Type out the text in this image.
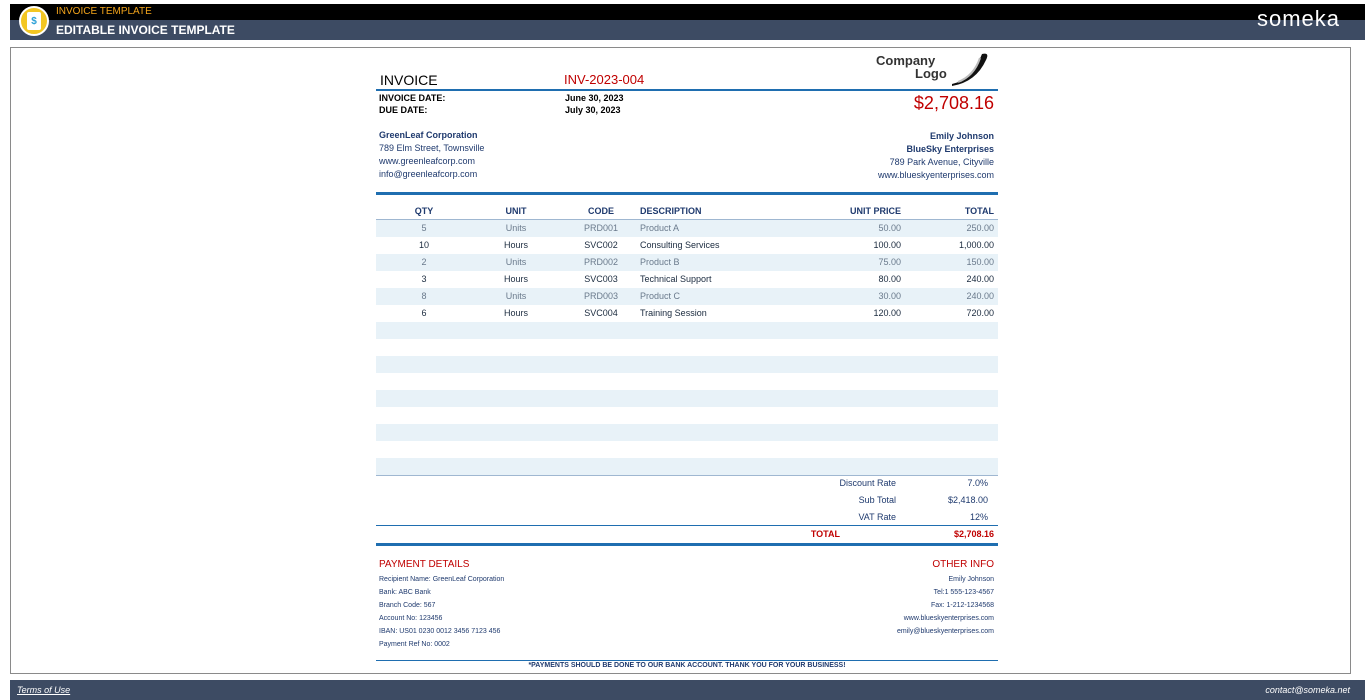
$
INVOICE TEMPLATE
EDITABLE INVOICE TEMPLATE	someka
INVOICE	INV-2023-004
Company
Logo
INVOICE DATE:	June 30, 2023
DUE DATE:	July 30, 2023	$2,708.16
GreenLeaf Corporation
789 Elm Street, Townsville
www.greenleafcorp.com
info@greenleafcorp.com
Emily Johnson
BlueSky Enterprises
789 Park Avenue, Cityville
www.blueskyenterprises.com
QTY	UNIT	CODE	DESCRIPTION	UNIT PRICE	TOTAL
5	Units	PRD001	Product A	50.00	250.00
10	Hours	SVC002	Consulting Services	100.00	1,000.00
2	Units	PRD002	Product B	75.00	150.00
3	Hours	SVC003	Technical Support	80.00	240.00
8	Units	PRD003	Product C	30.00	240.00
6	Hours	SVC004	Training Session	120.00	720.00
Discount Rate	7.0%
Sub Total	$2,418.00
VAT Rate	12%
TOTAL	$2,708.16
PAYMENT DETAILS
Recipient Name: GreenLeaf Corporation
Bank: ABC Bank
Branch Code: 567
Account No: 123456
IBAN: US01 0230 0012 3456 7123 456
Payment Ref No: 0002
OTHER INFO
Emily Johnson
Tel:1 555-123-4567
Fax: 1-212-1234568
www.blueskyenterprises.com
emily@blueskyenterprises.com
*PAYMENTS SHOULD BE DONE TO OUR BANK ACCOUNT. THANK YOU FOR YOUR BUSINESS!
Terms of Use	contact@someka.net
